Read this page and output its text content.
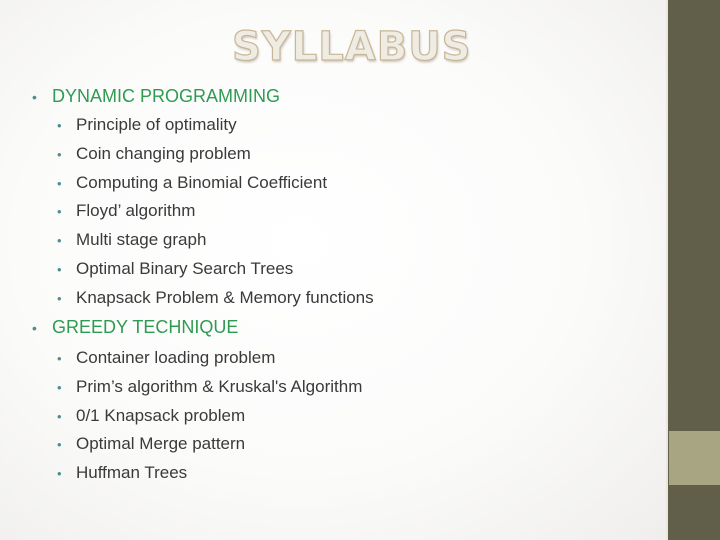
SYLLABUS
• DYNAMIC PROGRAMMING
• Principle of optimality
• Coin changing problem
• Computing a Binomial Coefficient
• Floyd’ algorithm
• Multi stage graph
• Optimal Binary Search Trees
• Knapsack Problem & Memory functions
• GREEDY TECHNIQUE
• Container loading problem
• Prim’s algorithm & Kruskal's Algorithm
• 0/1 Knapsack problem
• Optimal Merge pattern
• Huffman Trees
